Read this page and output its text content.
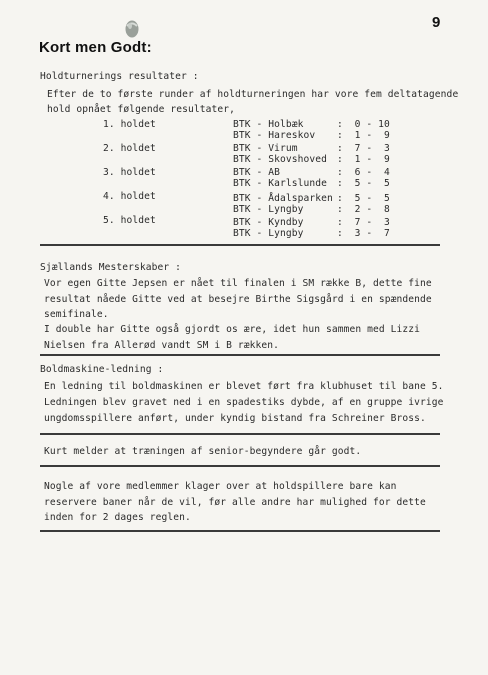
9
Kort men Godt:
Holdturnerings resultater :
Efter de to første runder af holdturneringen har vore fem deltatagende
hold opnået følgende resultater,
1. holdet	BTK - Holbæk	:  0 - 10
BTK - Hareskov :  1 -  9
2. holdet	BTK - Virum	:  7 -  3
BTK - Skovshoved :  1 -  9
3. holdet	BTK - AB	:  6 -  4
BTK - Karlslunde :  5 -  5
4. holdet	BTK - Ådalsparken :  5 -  5
BTK - Lyngby	:  2 -  8
5. holdet	BTK - Kyndby	:  7 -  3
BTK - Lyngby	:  3 -  7
Sjællands Mesterskaber :
Vor egen Gitte Jepsen er nået til finalen i SM række B, dette fine
resultat nåede Gitte ved at besejre Birthe Sigsgård i en spændende
semifinale.
I double har Gitte også gjordt os ære, idet hun sammen med Lizzi
Nielsen fra Allerød vandt SM i B rækken.
Boldmaskine-ledning :
En ledning til boldmaskinen er blevet ført fra klubhuset til bane 5.
Ledningen blev gravet ned i en spadestiks dybde, af en gruppe ivrige
ungdomsspillere anført, under kyndig bistand fra Schreiner Bross.
Kurt melder at træningen af senior-begyndere går godt.
Nogle af vore medlemmer klager over at holdspillere bare kan
reservere baner når de vil, før alle andre har mulighed for dette
inden for 2 dages reglen.
